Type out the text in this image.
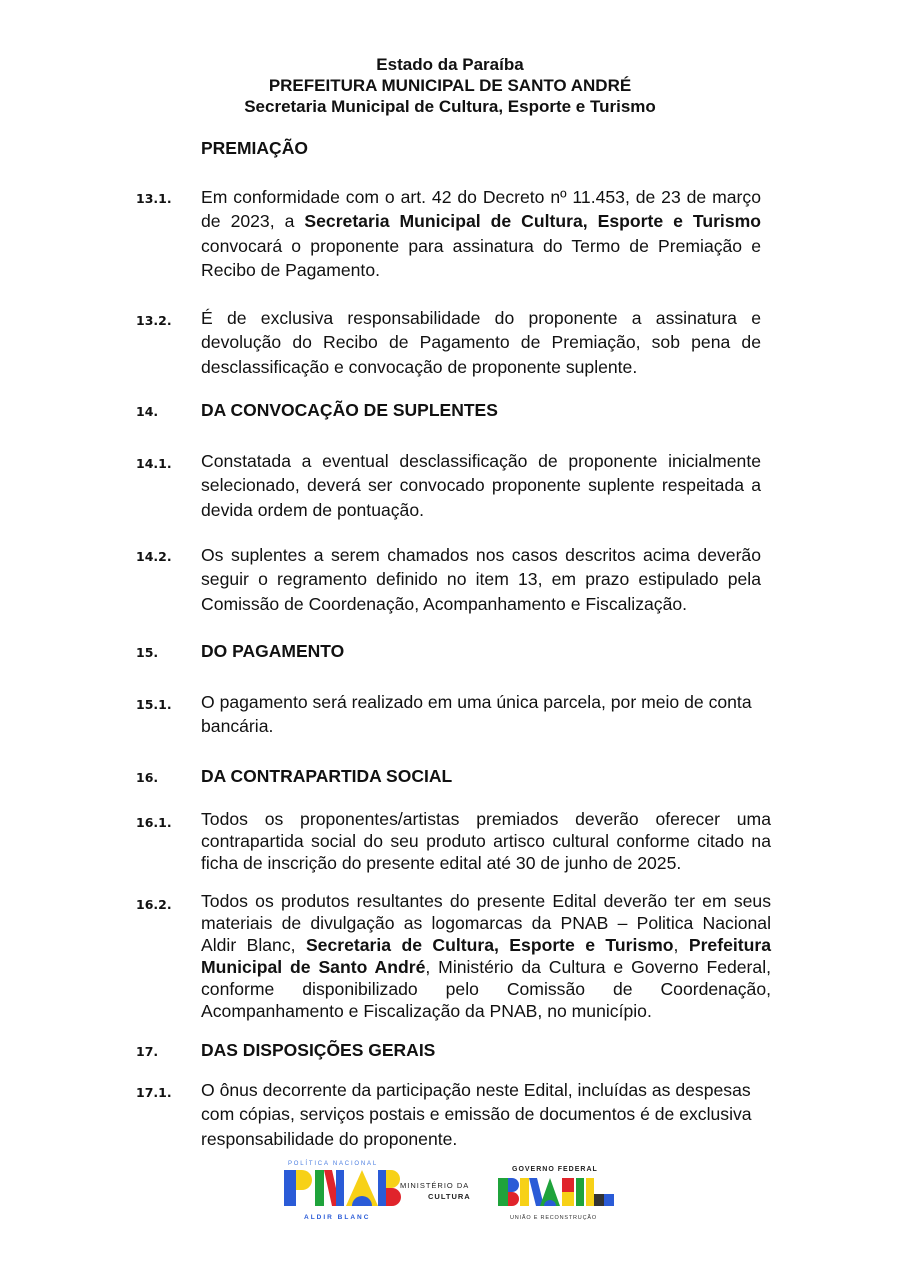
Estado da Paraíba
PREFEITURA MUNICIPAL DE SANTO ANDRÉ
Secretaria Municipal de Cultura, Esporte e Turismo
PREMIAÇÃO
13.1. Em conformidade com o art. 42 do Decreto nº 11.453, de 23 de março de 2023, a Secretaria Municipal de Cultura, Esporte e Turismo convocará o proponente para assinatura do Termo de Premiação e Recibo de Pagamento.
13.2. É de exclusiva responsabilidade do proponente a assinatura e devolução do Recibo de Pagamento de Premiação, sob pena de desclassificação e convocação de proponente suplente.
14. DA CONVOCAÇÃO DE SUPLENTES
14.1. Constatada a eventual desclassificação de proponente inicialmente selecionado, deverá ser convocado proponente suplente respeitada a devida ordem de pontuação.
14.2. Os suplentes a serem chamados nos casos descritos acima deverão seguir o regramento definido no item 13, em prazo estipulado pela Comissão de Coordenação, Acompanhamento e Fiscalização.
15. DO PAGAMENTO
15.1. O pagamento será realizado em uma única parcela, por meio de conta bancária.
16. DA CONTRAPARTIDA SOCIAL
16.1. Todos os proponentes/artistas premiados deverão oferecer uma contrapartida social do seu produto artisco cultural conforme citado na ficha de inscrição do presente edital até 30 de junho de 2025.
16.2. Todos os produtos resultantes do presente Edital deverão ter em seus materiais de divulgação as logomarcas da PNAB – Politica Nacional Aldir Blanc, Secretaria de Cultura, Esporte e Turismo, Prefeitura Municipal de Santo André, Ministério da Cultura e Governo Federal, conforme disponibilizado pelo Comissão de Coordenação, Acompanhamento e Fiscalização da PNAB, no município.
17. DAS DISPOSIÇÕES GERAIS
17.1. O ônus decorrente da participação neste Edital, incluídas as despesas com cópias, serviços postais e emissão de documentos é de exclusiva responsabilidade do proponente.
POLÍTICA NACIONAL
ALDIR BLANC
MINISTÉRIO DA
CULTURA
GOVERNO FEDERAL
UNIÃO E RECONSTRUÇÃO
